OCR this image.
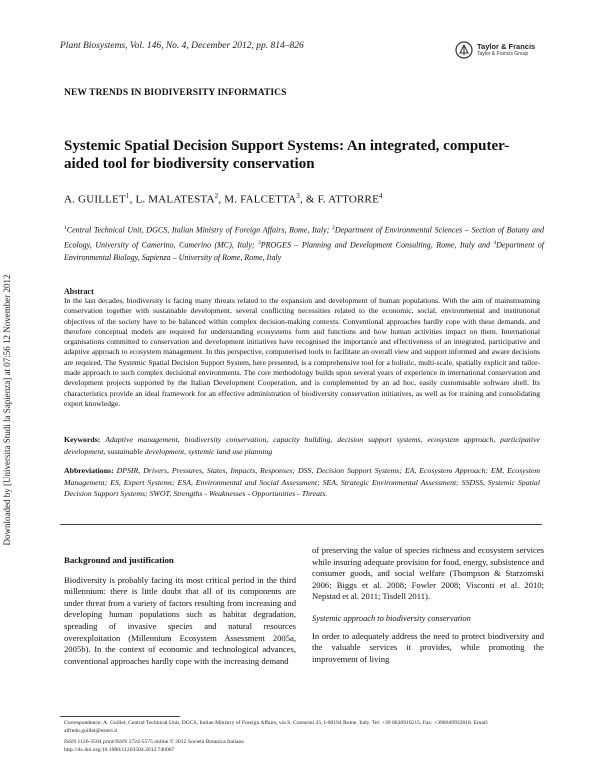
Downloaded by [Universita Studi la Sapienza] at 07:56 12 November 2012
Plant Biosystems, Vol. 146, No. 4, December 2012, pp. 814–826	Taylor & Francis
Taylor & Francis Group
NEW TRENDS IN BIODIVERSITY INFORMATICS
Systemic Spatial Decision Support Systems: An integrated, computer-aided tool for biodiversity conservation
A. GUILLET$^1$, L. MALATESTA$^2$, M. FALCETTA$^3$, & F. ATTORRE$^4$
$^1$Central Technical Unit, DGCS, Italian Ministry of Foreign Affairs, Rome, Italy; $^2$Department of Environmental Sciences – Section of Botany and Ecology, University of Camerino, Camerino (MC), Italy; $^3$PROGES – Planning and Development Consulting, Rome, Italy and $^4$Department of Environmental Biology, Sapienza – University of Rome, Rome, Italy
Abstract
In the last decades, biodiversity is facing many threats related to the expansion and development of human populations. With the aim of mainstreaming conservation together with sustainable development, several conflicting necessities related to the economic, social, environmental and institutional objectives of the society have to be balanced within complex decision-making contexts. Conventional approaches hardly cope with these demands, and therefore conceptual models are required for understanding ecosystems form and functions and how human activities impact on them. International organisations committed to conservation and development initiatives have recognised the importance and effectiveness of an integrated, participative and adaptive approach to ecosystem management. In this perspective, computerised tools to facilitate an overall view and support informed and aware decisions are required. The Systemic Spatial Decision Support System, here presented, is a comprehensive tool for a holistic, multi-scale, spatially explicit and tailor-made approach to such complex decisional environments. The core methodology builds upon several years of experience in international conservation and development projects supported by the Italian Development Cooperation, and is complemented by an ad hoc, easily customisable software shell. Its characteristics provide an ideal framework for an effective administration of biodiversity conservation initiatives, as well as for training and consolidating expert knowledge.
Keywords: Adaptive management, biodiversity conservation, capacity building, decision support systems, ecosystem approach, participative development, sustainable development, systemic land use planning
Abbreviations: DPSIR, Drivers, Pressures, States, Impacts, Responses; DSS, Decision Support Systems; EA, Ecosystem Approach; EM, Ecosystem Management; ES, Expert Systems; ESA, Environmental and Social Assessment; SEA, Strategic Environmental Assessment; SSDSS, Systemic Spatial Decision Support Systems; SWOT, Strengths - Weaknesses - Opportunities - Threats.
Background and justification
Biodiversity is probably facing its most critical period in the third millennium: there is little doubt that all of its components are under threat from a variety of factors resulting from increasing and developing human populations such as habitat degradation, spreading of invasive species and natural resources overexploitation (Millennium Ecosystem Assessment 2005a, 2005b). In the context of economic and technological advances, conventional approaches hardly cope with the increasing demand
of preserving the value of species richness and ecosystem services while insuring adequate provision for food, energy, subsistence and consumer goods, and social welfare (Thompson & Starzomski 2006; Biggs et al. 2008; Fowler 2008; Visconti et al. 2010; Nepstad et al. 2011; Tisdell 2011).
Systemic approach to biodiversity conservation
In order to adequately address the need to protect biodiversity and the valuable services it provides, while promoting the improvement of living
Correspondence: A. Guillet, Central Technical Unit, DGCS, Italian Ministry of Foreign Affairs, via S. Contarini 25, I-00194 Rome, Italy. Tel: +39 0636916215. Fax: +390649932818. Email: alfredo.guillet@esteri.it
ISSN 1126-3504 print/ISSN 1724-5575 online © 2012 Società Botanica Italiana
http://dx.doi.org/10.1080/11263504.2012.740087
